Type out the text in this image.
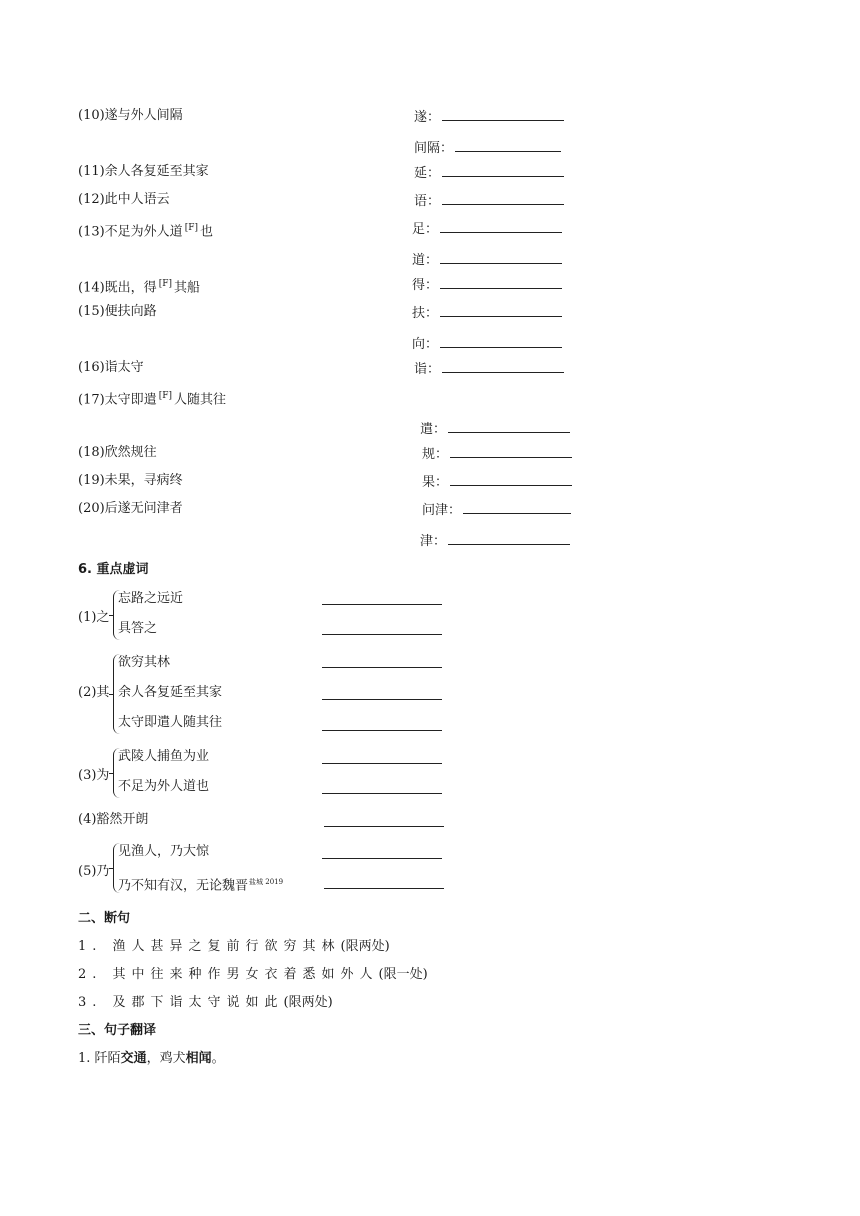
(10)遂与外人间隔	遂：
间隔：
(11)余人各复延至其家	延：
(12)此中人语云	语：
(13)不足为外人道 [F] 也	足：
道：
(14)既出，得 [F] 其船	得：
(15)便扶向路	扶：
向：
(16)诣太守	诣：
(17)太守即遣 [F] 人随其往
遣：
(18)欣然规往	规：
(19)未果，寻病终	果：
(20)后遂无问津者	问津：
津：
6. 重点虚词
(1)之
忘路之远近
具答之
(2)其
欲穷其林
余人各复延至其家
太守即遣人随其往
(3)为
武陵人捕鱼为业
不足为外人道也
(4)豁然开朗
(5)乃
见渔人，乃大惊
乃不知有汉，无论魏晋$^{盐城 2019}$
二、断句
1. 渔人甚异之复前行欲穷其林(限两处)
2. 其中往来种作男女衣着悉如外人(限一处)
3. 及郡下诣太守说如此(限两处)
三、句子翻译
1. 阡陌交通，鸡犬相闻。
